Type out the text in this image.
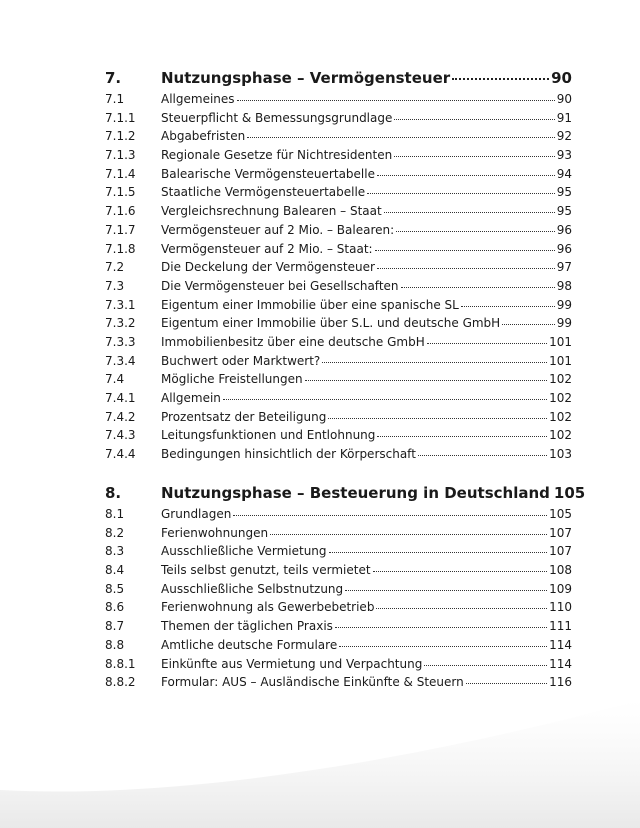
7.	Nutzungsphase – Vermögensteuer	90
7.1	Allgemeines	90
7.1.1	Steuerpflicht & Bemessungsgrundlage	91
7.1.2	Abgabefristen	92
7.1.3	Regionale Gesetze für Nichtresidenten	93
7.1.4	Balearische Vermögensteuertabelle	94
7.1.5	Staatliche Vermögensteuertabelle	95
7.1.6	Vergleichsrechnung Balearen – Staat	95
7.1.7	Vermögensteuer auf 2 Mio. – Balearen:	96
7.1.8	Vermögensteuer auf 2 Mio. – Staat:	96
7.2	Die Deckelung der Vermögensteuer	97
7.3	Die Vermögensteuer bei Gesellschaften	98
7.3.1	Eigentum einer Immobilie über eine spanische SL	99
7.3.2	Eigentum einer Immobilie über S.L. und deutsche GmbH	99
7.3.3	Immobilienbesitz über eine deutsche GmbH	101
7.3.4	Buchwert oder Marktwert?	101
7.4	Mögliche Freistellungen	102
7.4.1	Allgemein	102
7.4.2	Prozentsatz der Beteiligung	102
7.4.3	Leitungsfunktionen und Entlohnung	102
7.4.4	Bedingungen hinsichtlich der Körperschaft	103
8.	Nutzungsphase – Besteuerung in Deutschland 105
8.1	Grundlagen	105
8.2	Ferienwohnungen	107
8.3	Ausschließliche Vermietung	107
8.4	Teils selbst genutzt, teils vermietet	108
8.5	Ausschließliche Selbstnutzung	109
8.6	Ferienwohnung als Gewerbebetrieb	110
8.7	Themen der täglichen Praxis	111
8.8	Amtliche deutsche Formulare	114
8.8.1	Einkünfte aus Vermietung und Verpachtung	114
8.8.2	Formular: AUS – Ausländische Einkünfte & Steuern	116
